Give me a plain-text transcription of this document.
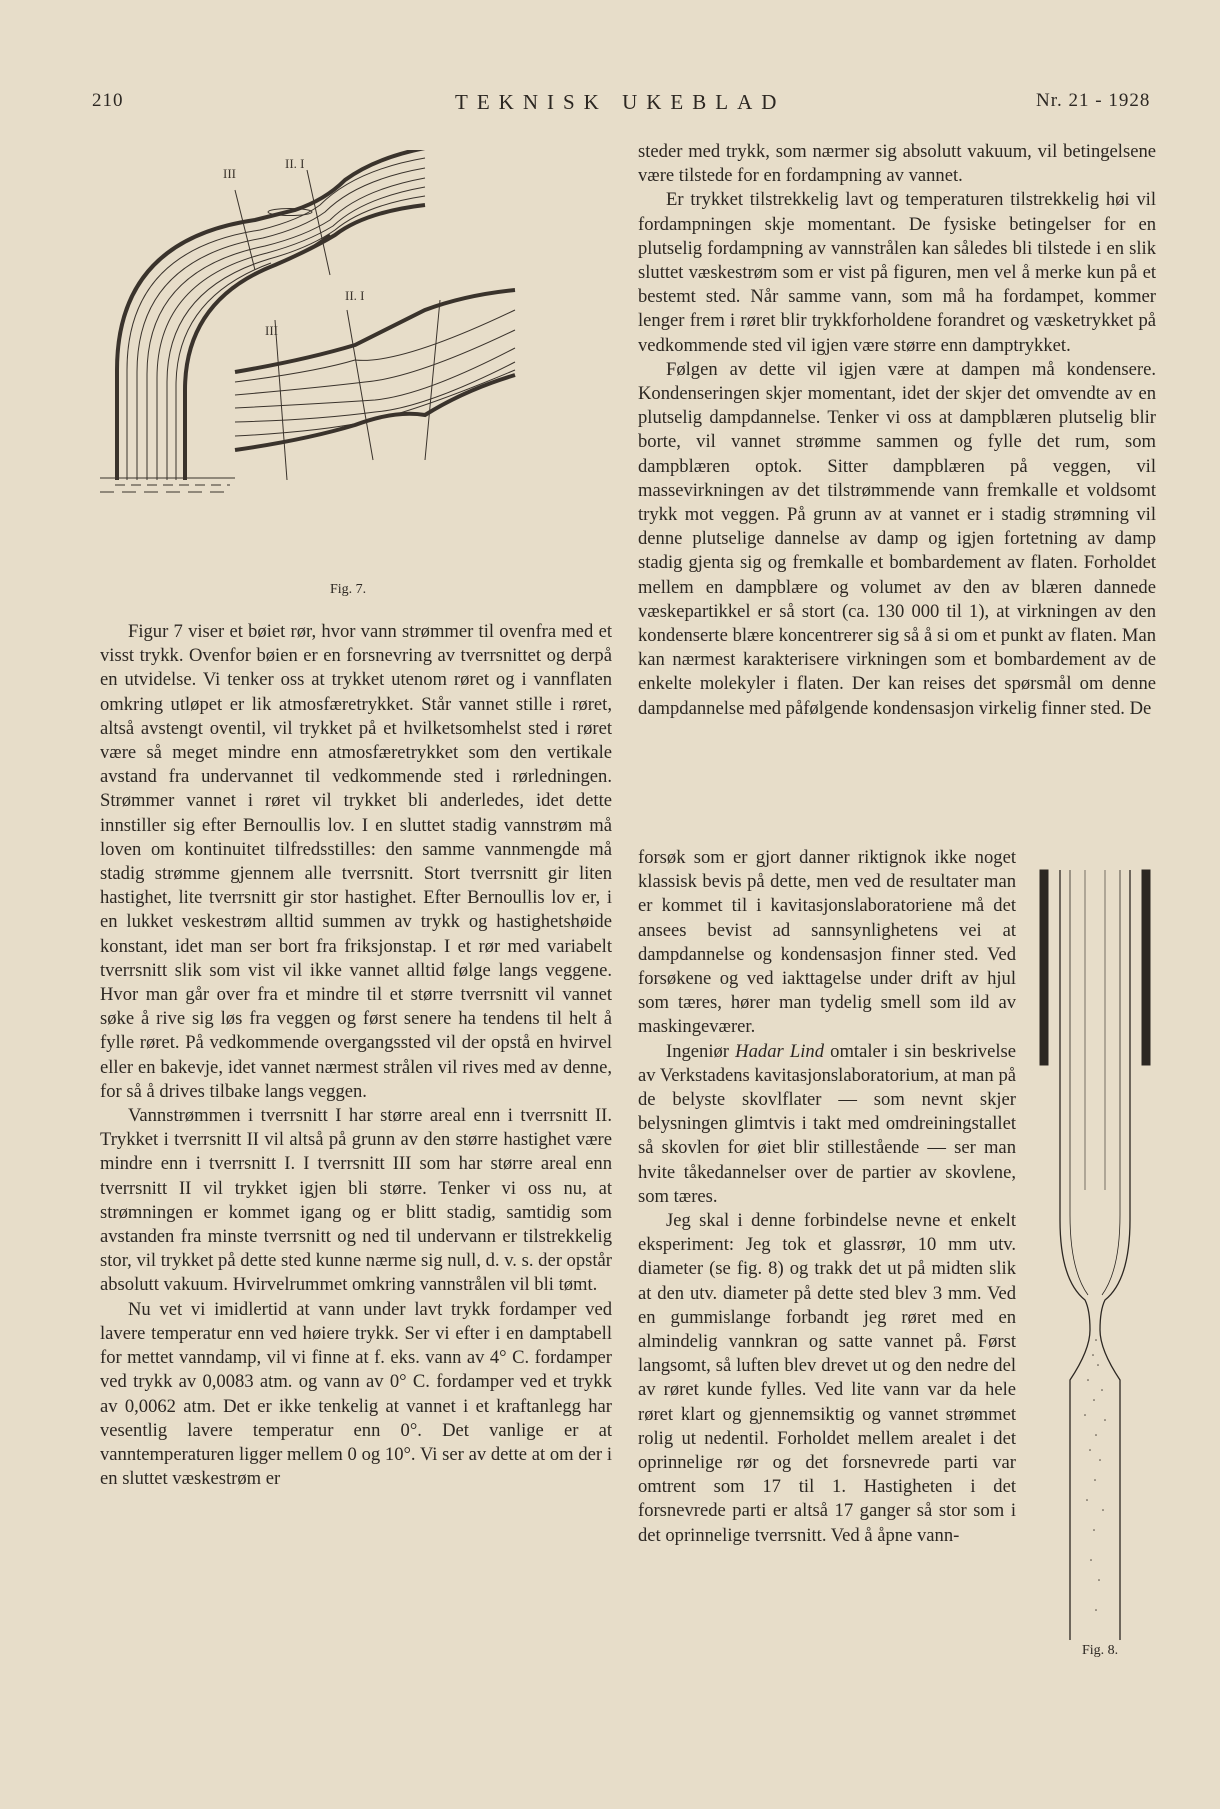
210	TEKNISK UKEBLAD	Nr. 21 - 1928
III
II. I
II. I
III
Fig. 7.
Fig. 8.

Figur 7 viser et bøiet rør, hvor vann strømmer til ovenfra med et visst trykk. Ovenfor bøien er en forsnevring av tverrsnittet og derpå en utvidelse. Vi tenker oss at trykket utenom røret og i vannflaten omkring utløpet er lik atmosfæretrykket. Står vannet stille i røret, altså avstengt oventil, vil trykket på et hvilketsomhelst sted i røret være så meget mindre enn atmosfæretrykket som den vertikale avstand fra undervannet til vedkommende sted i rørledningen. Strømmer vannet i røret vil trykket bli anderledes, idet dette innstiller sig efter Bernoullis lov. I en sluttet stadig vannstrøm må loven om kontinuitet tilfredsstilles: den samme vannmengde må stadig strømme gjennem alle tverrsnitt. Stort tverrsnitt gir liten hastighet, lite tverrsnitt gir stor hastighet. Efter Bernoullis lov er, i en lukket veskestrøm alltid summen av trykk og hastighetshøide konstant, idet man ser bort fra friksjonstap. I et rør med variabelt tverrsnitt slik som vist vil ikke vannet alltid følge langs veggene. Hvor man går over fra et mindre til et større tverrsnitt vil vannet søke å rive sig løs fra veggen og først senere ha tendens til helt å fylle røret. På vedkommende overgangssted vil der opstå en hvirvel eller en bakevje, idet vannet nærmest strålen vil rives med av denne, for så å drives tilbake langs veggen.

Vannstrømmen i tverrsnitt I har større areal enn i tverrsnitt II. Trykket i tverrsnitt II vil altså på grunn av den større hastighet være mindre enn i tverrsnitt I. I tverrsnitt III som har større areal enn tverrsnitt II vil trykket igjen bli større. Tenker vi oss nu, at strømningen er kommet igang og er blitt stadig, samtidig som avstanden fra minste tverrsnitt og ned til undervann er tilstrekkelig stor, vil trykket på dette sted kunne nærme sig null, d. v. s. der opstår absolutt vakuum. Hvirvelrummet omkring vannstrålen vil bli tømt.

Nu vet vi imidlertid at vann under lavt trykk fordamper ved lavere temperatur enn ved høiere trykk. Ser vi efter i en damptabell for mettet vanndamp, vil vi finne at f. eks. vann av 4° C. fordamper ved trykk av 0,0083 atm. og vann av 0° C. fordamper ved et trykk av 0,0062 atm. Det er ikke tenkelig at vannet i et kraftanlegg har vesentlig lavere temperatur enn 0°. Det vanlige er at vanntemperaturen ligger mellem 0 og 10°. Vi ser av dette at om der i en sluttet væskestrøm er

steder med trykk, som nærmer sig absolutt vakuum, vil betingelsene være tilstede for en fordampning av vannet.

Er trykket tilstrekkelig lavt og temperaturen tilstrekkelig høi vil fordampningen skje momentant. De fysiske betingelser for en plutselig fordampning av vannstrålen kan således bli tilstede i en slik sluttet væskestrøm som er vist på figuren, men vel å merke kun på et bestemt sted. Når samme vann, som må ha fordampet, kommer lenger frem i røret blir trykkforholdene forandret og væsketrykket på vedkommende sted vil igjen være større enn damptrykket.

Følgen av dette vil igjen være at dampen må kondensere. Kondenseringen skjer momentant, idet der skjer det omvendte av en plutselig dampdannelse. Tenker vi oss at dampblæren plutselig blir borte, vil vannet strømme sammen og fylle det rum, som dampblæren optok. Sitter dampblæren på veggen, vil massevirkningen av det tilstrømmende vann fremkalle et voldsomt trykk mot veggen. På grunn av at vannet er i stadig strømning vil denne plutselige dannelse av damp og igjen fortetning av damp stadig gjenta sig og fremkalle et bombardement av flaten. Forholdet mellem en dampblære og volumet av den av blæren dannede væskepartikkel er så stort (ca. 130 000 til 1), at virkningen av den kondenserte blære koncentrerer sig så å si om et punkt av flaten. Man kan nærmest karakterisere virkningen som et bombardement av de enkelte molekyler i flaten. Der kan reises det spørsmål om denne dampdannelse med påfølgende kondensasjon virkelig finner sted. De

forsøk som er gjort danner riktignok ikke noget klassisk bevis på dette, men ved de resultater man er kommet til i kavitasjonslaboratoriene må det ansees bevist ad sannsynlighetens vei at dampdannelse og kondensasjon finner sted. Ved forsøkene og ved iakttagelse under drift av hjul som tæres, hører man tydelig smell som ild av maskingeværer.

Ingeniør Hadar Lind omtaler i sin beskrivelse av Verkstadens kavitasjonslaboratorium, at man på de belyste skovlflater — som nevnt skjer belysningen glimtvis i takt med omdreiningstallet så skovlen for øiet blir stillestående — ser man hvite tåkedannelser over de partier av skovlene, som tæres.

Jeg skal i denne forbindelse nevne et enkelt eksperiment: Jeg tok et glassrør, 10 mm utv. diameter (se fig. 8) og trakk det ut på midten slik at den utv. diameter på dette sted blev 3 mm. Ved en gummislange forbandt jeg røret med en almindelig vannkran og satte vannet på. Først langsomt, så luften blev drevet ut og den nedre del av røret kunde fylles. Ved lite vann var da hele røret klart og gjennemsiktig og vannet strømmet rolig ut nedentil. Forholdet mellem arealet i det oprinnelige rør og det forsnevrede parti var omtrent som 17 til 1. Hastigheten i det forsnevrede parti er altså 17 ganger så stor som i det oprinnelige tverrsnitt. Ved å åpne vann-
